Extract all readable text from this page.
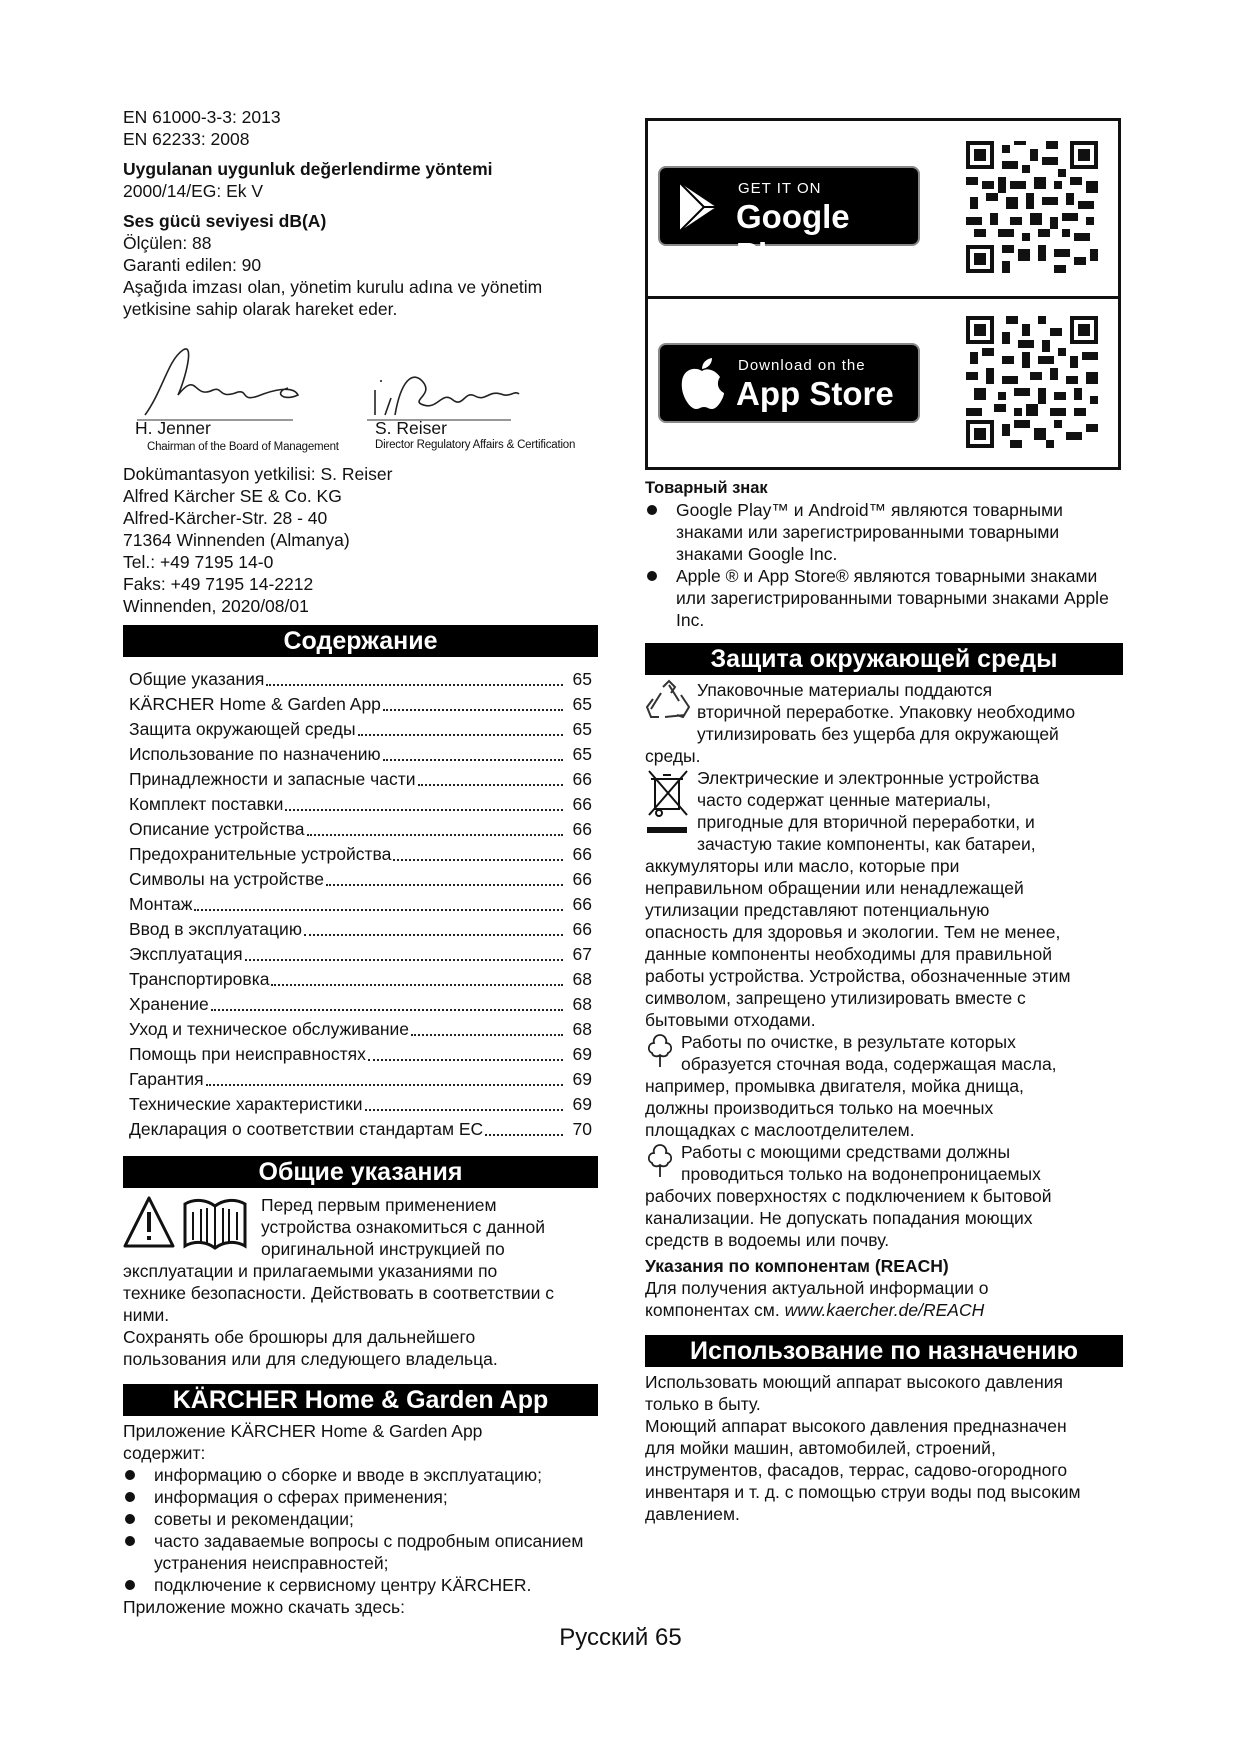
EN 61000-3-3: 2013

EN 62233: 2008

Uygulanan uygunluk değerlendirme yöntemi

2000/14/EG: Ek V

Ses gücü seviyesi dB(A)

Ölçülen: 88

Garanti edilen: 90

Aşağıda imzası olan, yönetim kurulu adına ve yönetim

yetkisine sahip olarak hareket eder.

H. Jenner
Chairman of the Board of Management
S. Reiser
Director Regulatory Affairs & Certification

Dokümantasyon yetkilisi: S. Reiser

Alfred Kärcher SE & Co. KG

Alfred-Kärcher-Str. 28 - 40

71364 Winnenden (Almanya)

Tel.: +49 7195 14-0

Faks: +49 7195 14-2212

Winnenden, 2020/08/01

Содержание
Общие указания	65
KÄRCHER Home & Garden App	65
Защита окружающей среды	65
Использование по назначению	65
Принадлежности и запасные части	66
Комплект поставки	66
Описание устройства	66
Предохранительные устройства	66
Символы на устройстве	66
Монтаж	66
Ввод в эксплуатацию	66
Эксплуатация	67
Транспортировка	68
Хранение	68
Уход и техническое обслуживание	68
Помощь при неисправностях	69
Гарантия	69
Технические характеристики	69
Декларация о соответствии стандартам ЕС	70
Общие указания

Перед первым применением

устройства ознакомиться с данной

оригинальной инструкцией по

эксплуатации и прилагаемыми указаниями по

технике безопасности. Действовать в соответствии с

ними.

Сохранять обе брошюры для дальнейшего

пользования или для следующего владельца.

KÄRCHER Home & Garden App

Приложение KÄRCHER Home & Garden App

содержит:

информацию о сборке и вводе в эксплуатацию;
информация о сферах применения;
советы и рекомендации;
часто задаваемые вопросы с подробным описанием устранения неисправностей;
подключение к сервисному центру KÄRCHER.

Приложение можно скачать здесь:

GET IT ON
Google Play
Download on the
App Store

Товарный знак

Google Play™ и Android™ являются товарными знаками или зарегистрированными товарными знаками Google Inc.
Apple ® и App Store® являются товарными знаками или зарегистрированными товарными знаками Apple Inc.
Защита окружающей среды

Упаковочные материалы поддаются

вторичной переработке. Упаковку необходимо

утилизировать без ущерба для окружающей

среды.

Электрические и электронные устройства

часто содержат ценные материалы,

пригодные для вторичной переработки, и

зачастую такие компоненты, как батареи,

аккумуляторы или масло, которые при

неправильном обращении или ненадлежащей

утилизации представляют потенциальную

опасность для здоровья и экологии. Тем не менее,

данные компоненты необходимы для правильной

работы устройства. Устройства, обозначенные этим

символом, запрещено утилизировать вместе с

бытовыми отходами.

Работы по очистке, в результате которых

образуется сточная вода, содержащая масла,

например, промывка двигателя, мойка днища,

должны производиться только на моечных

площадках с маслоотделителем.

Работы с моющими средствами должны

проводиться только на водонепроницаемых

рабочих поверхностях с подключением к бытовой

канализации. Не допускать попадания моющих

средств в водоемы или почву.

Указания по компонентам (REACH)

Для получения актуальной информации о

компонентах см. www.kaercher.de/REACH

Использование по назначению

Использовать моющий аппарат высокого давления

только в быту.

Моющий аппарат высокого давления предназначен

для мойки машин, автомобилей, строений,

инструментов, фасадов, террас, садово-огородного

инвентаря и т. д. с помощью струи воды под высоким

давлением.

Русский 65
